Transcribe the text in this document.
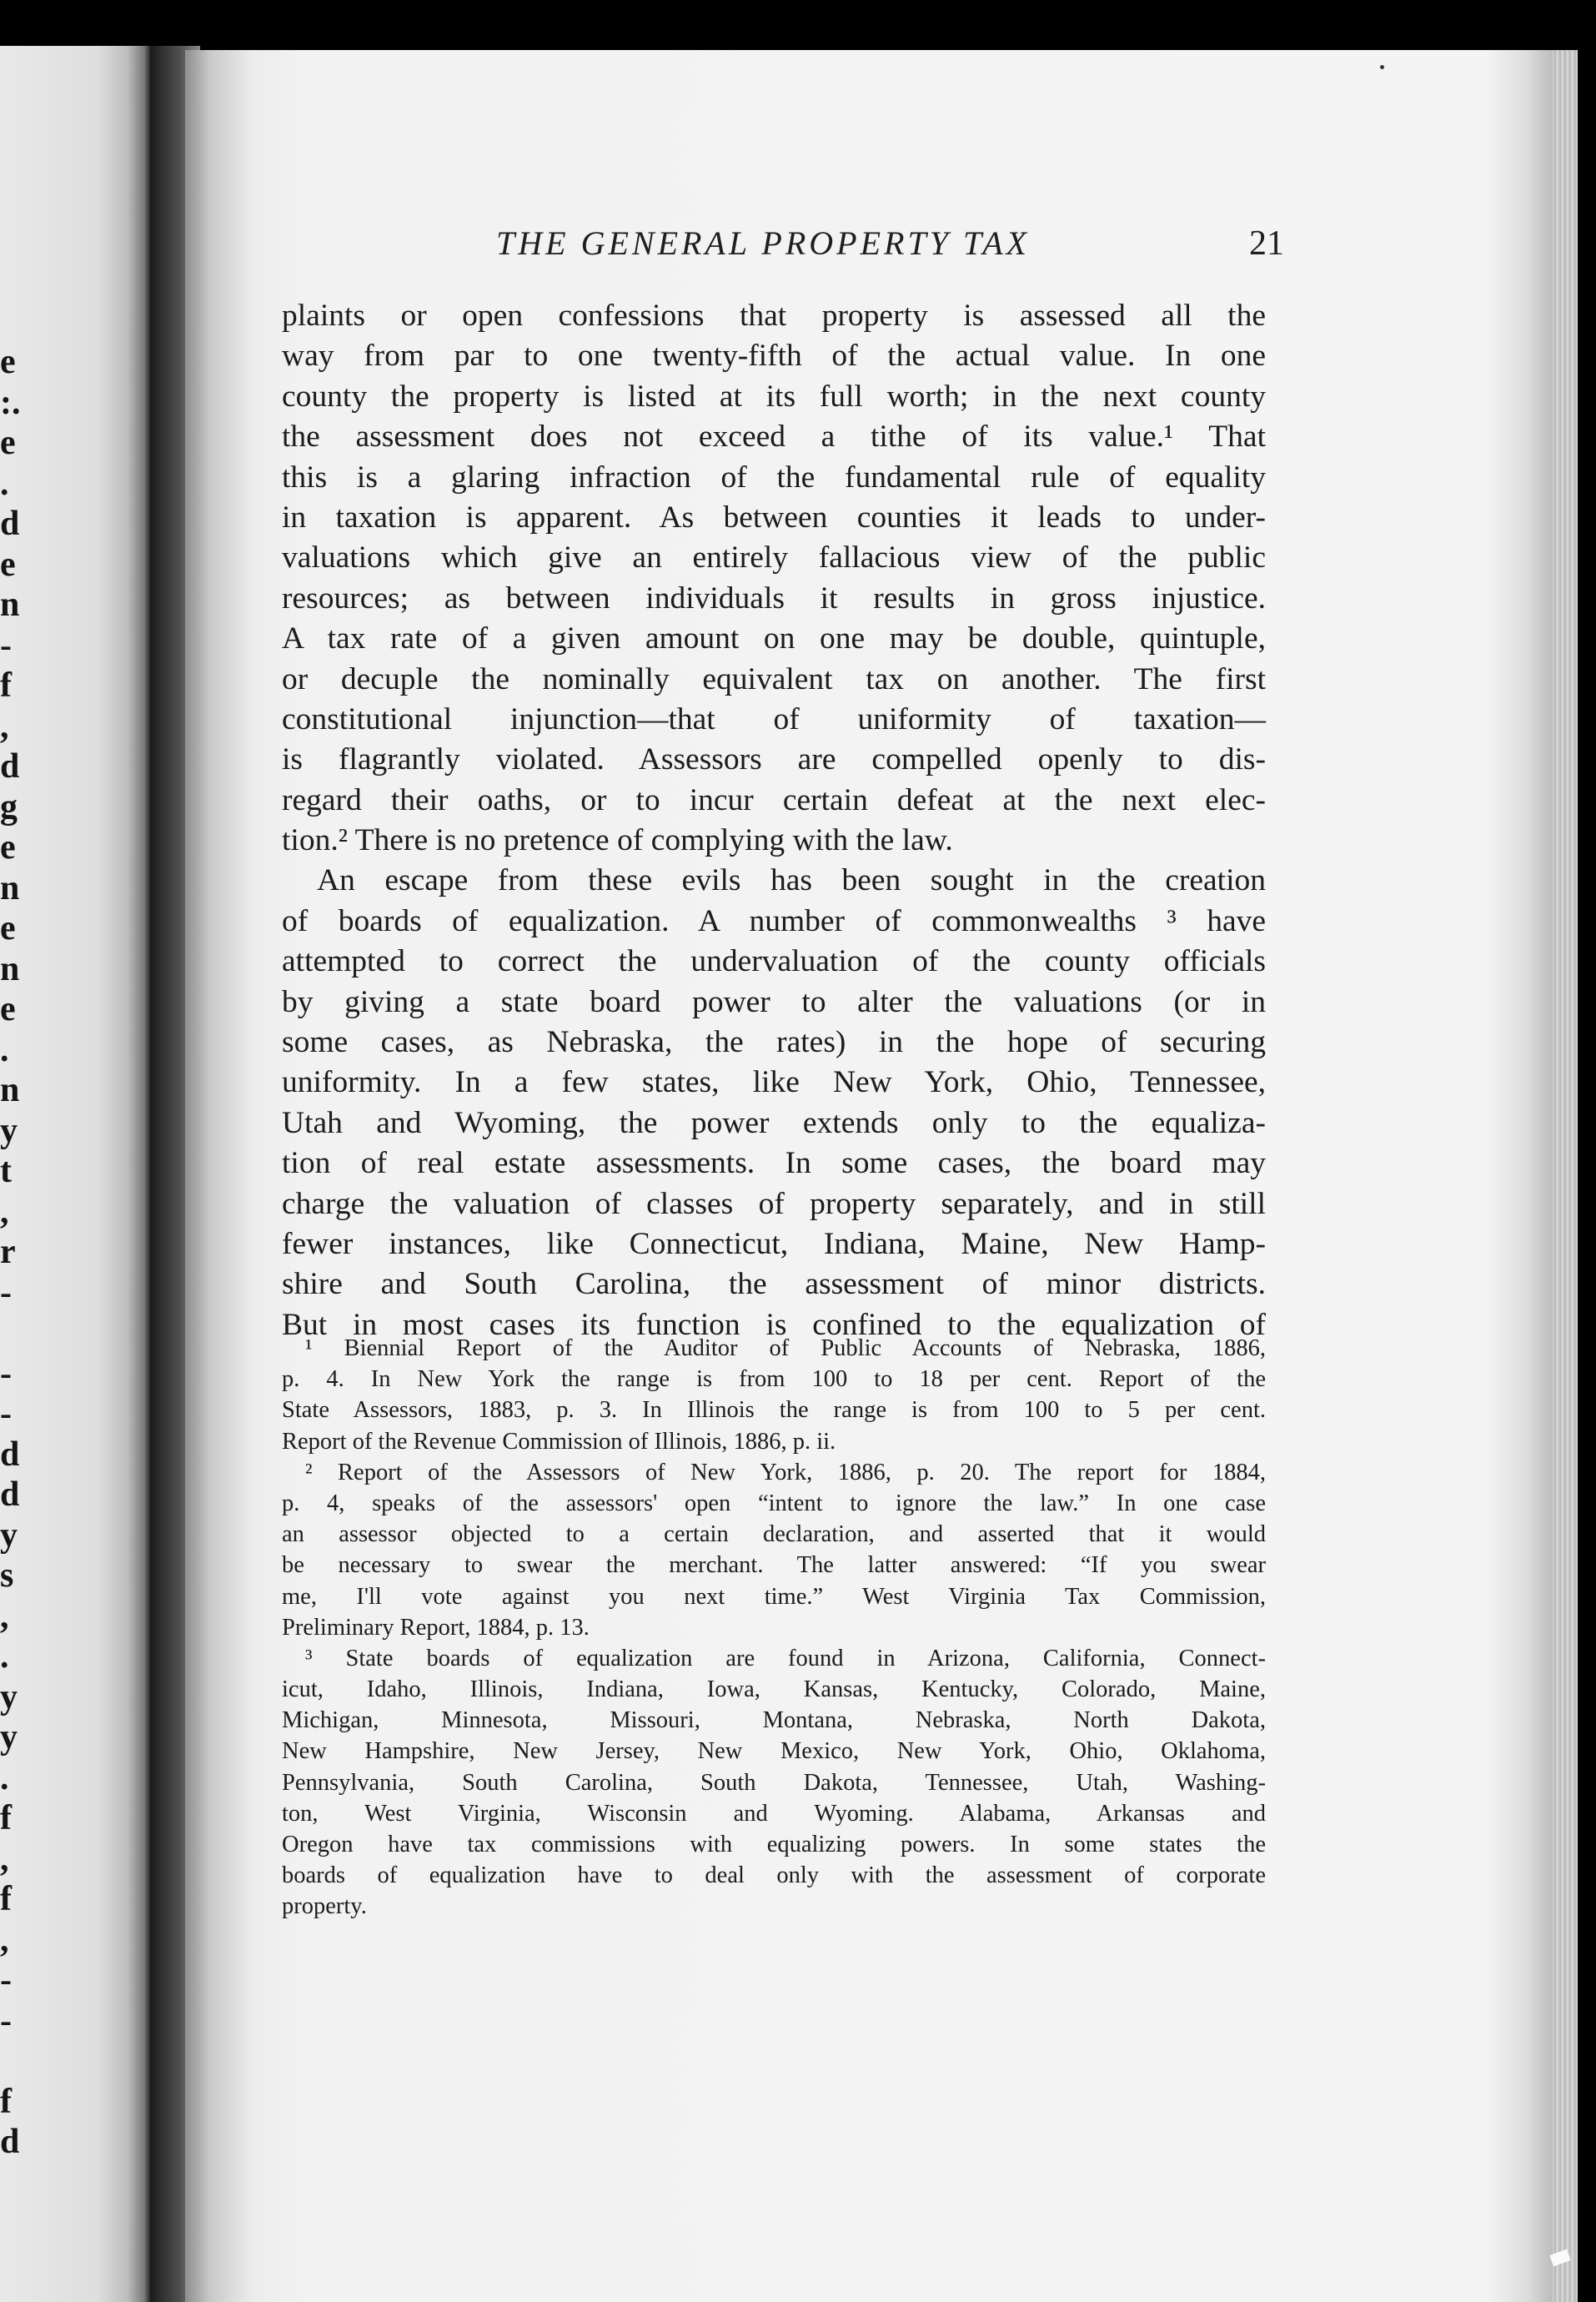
e
:.
e
.
d
e
n
-
f
,
d
g
e
n
e
n
e
.
n
y
t
,
r
-
-
-
d
d
y
s
,
.
y
y
.
f
,
f
,
-
-
f
d
THE GENERAL PROPERTY TAX	21
plaints or open confessions that property is assessed all the
way from par to one twenty-fifth of the actual value. In one
county the property is listed at its full worth; in the next county
the assessment does not exceed a tithe of its value.¹ That
this is a glaring infraction of the fundamental rule of equality
in taxation is apparent. As between counties it leads to under-
valuations which give an entirely fallacious view of the public
resources; as between individuals it results in gross injustice.
A tax rate of a given amount on one may be double, quintuple,
or decuple the nominally equivalent tax on another. The first
constitutional injunction—that of uniformity of taxation—
is flagrantly violated. Assessors are compelled openly to dis-
regard their oaths, or to incur certain defeat at the next elec-
tion.² There is no pretence of complying with the law.
An escape from these evils has been sought in the creation
of boards of equalization. A number of commonwealths ³ have
attempted to correct the undervaluation of the county officials
by giving a state board power to alter the valuations (or in
some cases, as Nebraska, the rates) in the hope of securing
uniformity. In a few states, like New York, Ohio, Tennessee,
Utah and Wyoming, the power extends only to the equaliza-
tion of real estate assessments. In some cases, the board may
charge the valuation of classes of property separately, and in still
fewer instances, like Connecticut, Indiana, Maine, New Hamp-
shire and South Carolina, the assessment of minor districts.
But in most cases its function is confined to the equalization of
¹ Biennial Report of the Auditor of Public Accounts of Nebraska, 1886,
p. 4. In New York the range is from 100 to 18 per cent. Report of the
State Assessors, 1883, p. 3. In Illinois the range is from 100 to 5 per cent.
Report of the Revenue Commission of Illinois, 1886, p. ii.
² Report of the Assessors of New York, 1886, p. 20. The report for 1884,
p. 4, speaks of the assessors' open “intent to ignore the law.” In one case
an assessor objected to a certain declaration, and asserted that it would
be necessary to swear the merchant. The latter answered: “If you swear
me, I'll vote against you next time.” West Virginia Tax Commission,
Preliminary Report, 1884, p. 13.
³ State boards of equalization are found in Arizona, California, Connect-
icut, Idaho, Illinois, Indiana, Iowa, Kansas, Kentucky, Colorado, Maine,
Michigan, Minnesota, Missouri, Montana, Nebraska, North Dakota,
New Hampshire, New Jersey, New Mexico, New York, Ohio, Oklahoma,
Pennsylvania, South Carolina, South Dakota, Tennessee, Utah, Washing-
ton, West Virginia, Wisconsin and Wyoming. Alabama, Arkansas and
Oregon have tax commissions with equalizing powers. In some states the
boards of equalization have to deal only with the assessment of corporate
property.
